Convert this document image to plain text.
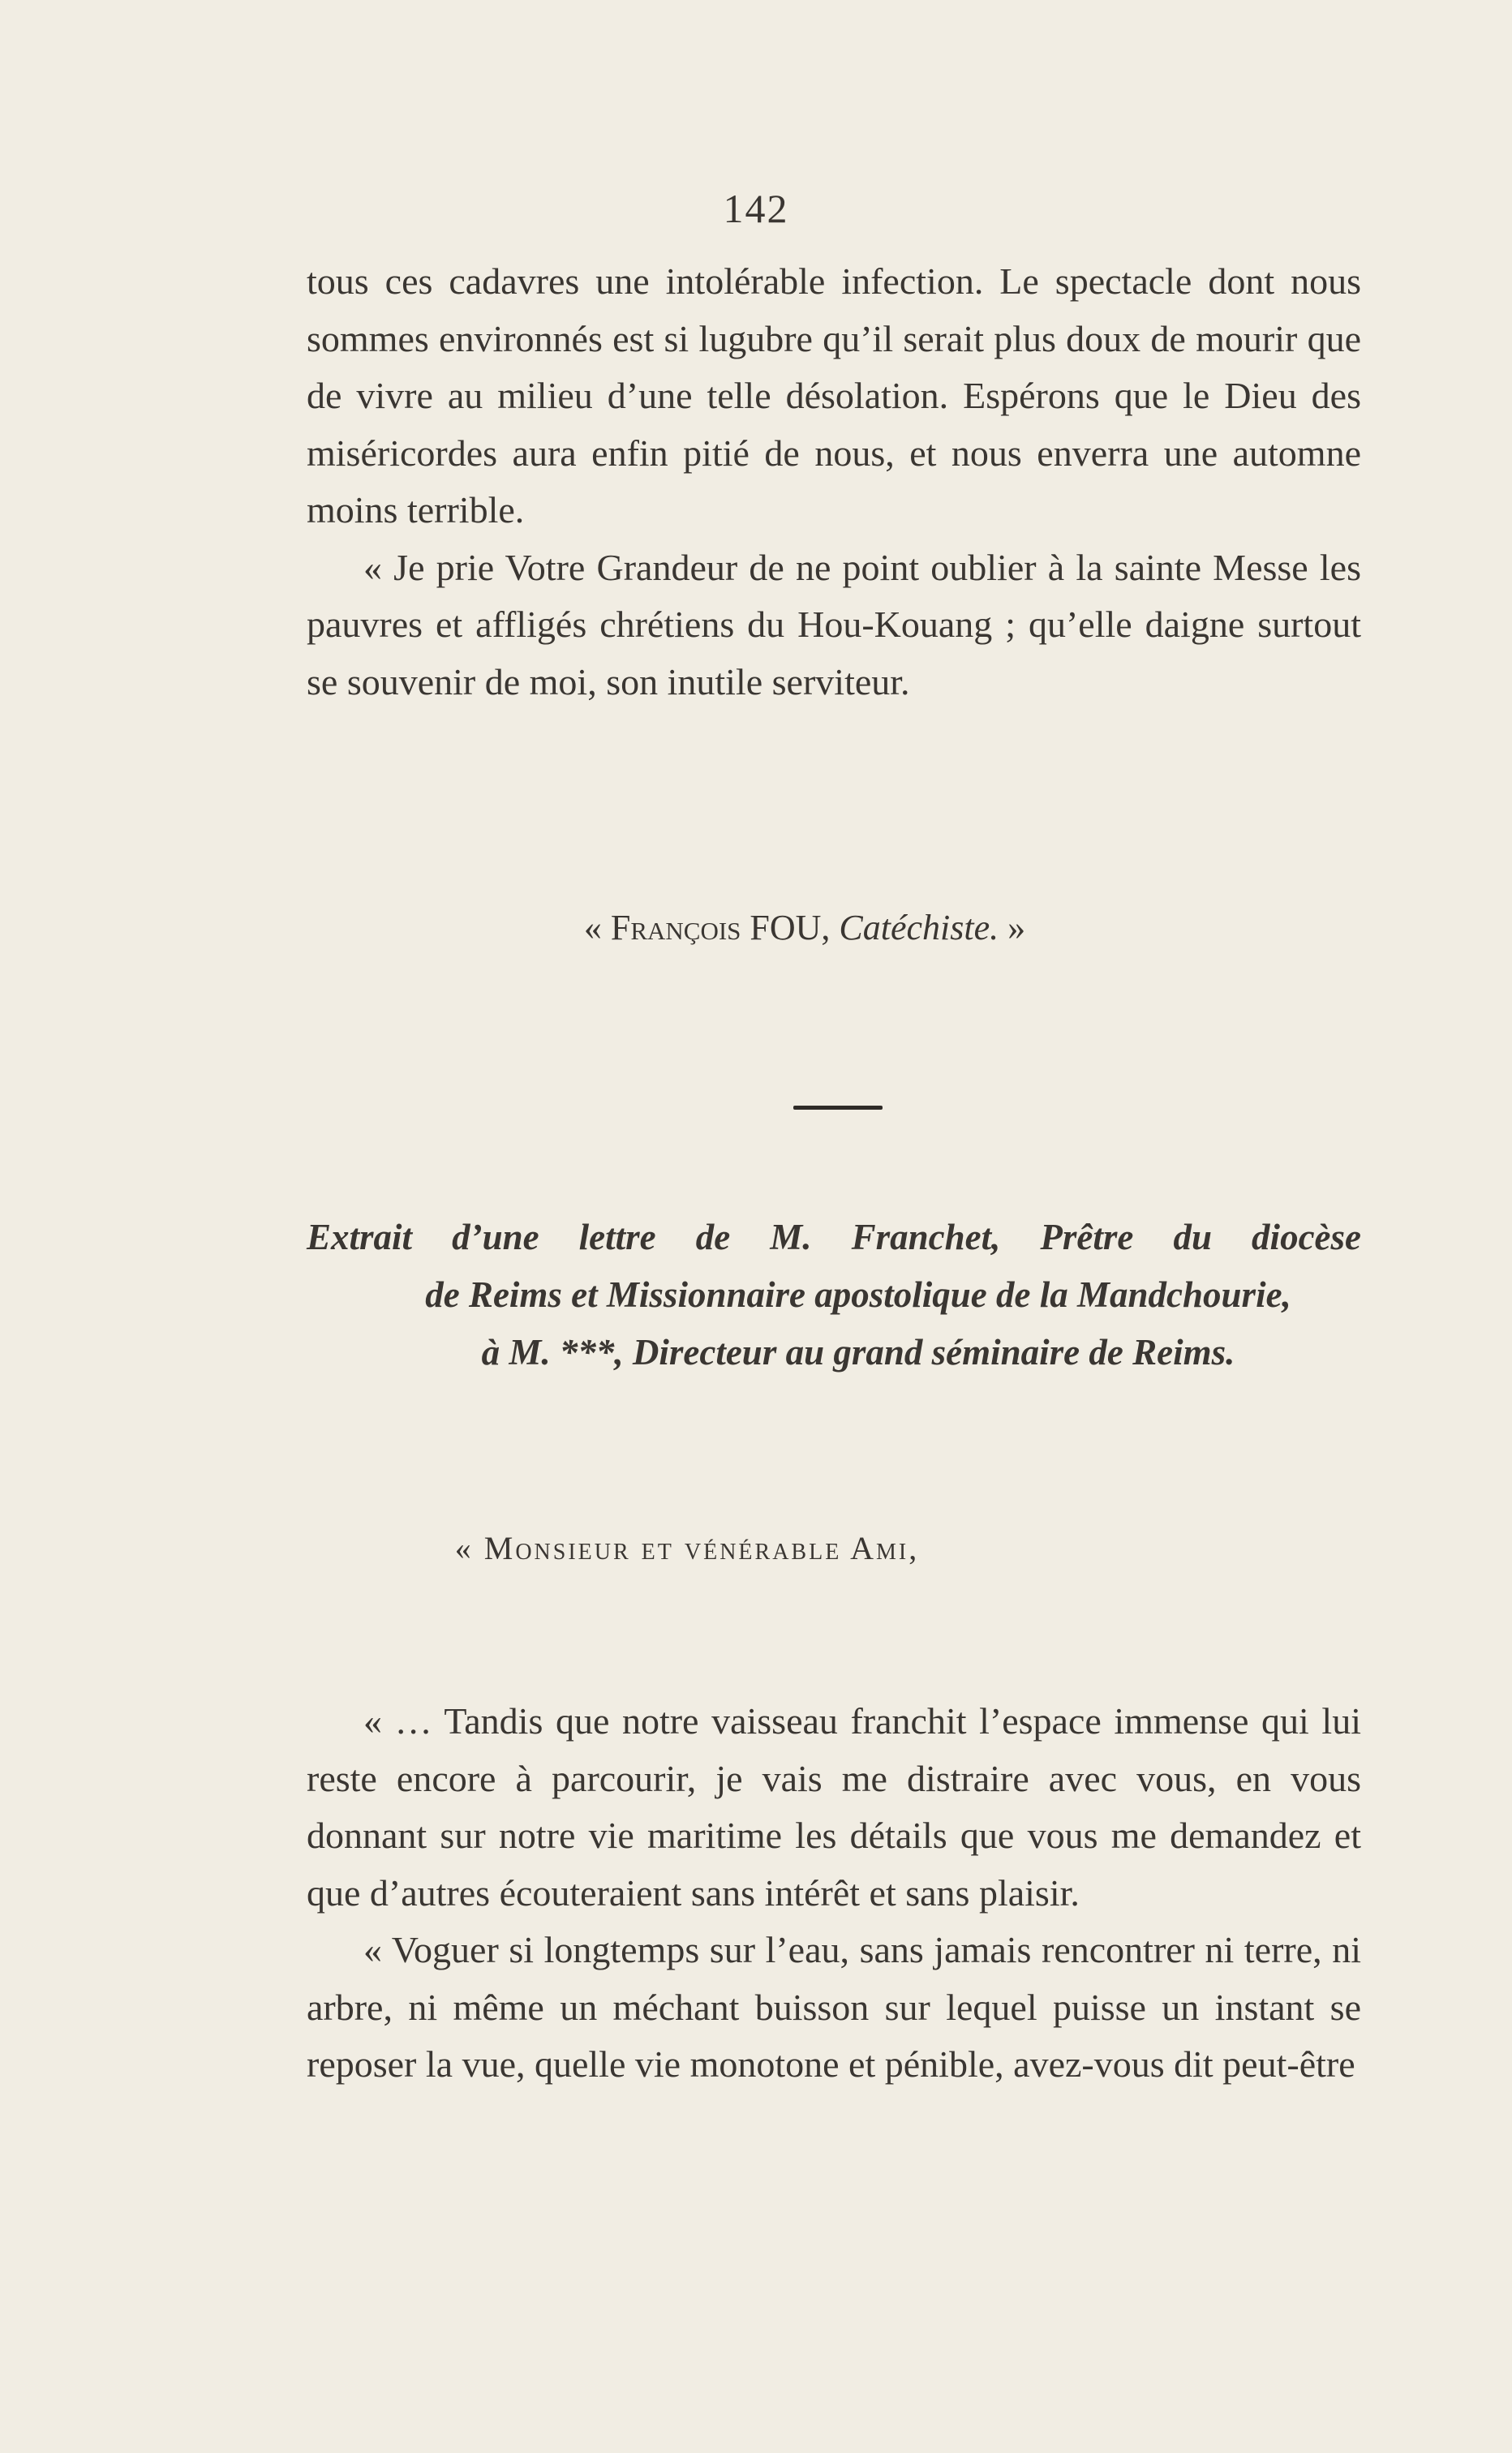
142

tous ces cadavres une intolérable infection. Le spectacle dont nous sommes environnés est si lugubre qu’il serait plus doux de mourir que de vivre au milieu d’une telle désolation. Espérons que le Dieu des miséricordes aura enfin pitié de nous, et nous enverra une automne moins terrible.

« Je prie Votre Grandeur de ne point oublier à la sainte Messe les pauvres et affligés chrétiens du Hou-Kouang ; qu’elle daigne surtout se souvenir de moi, son inutile serviteur.

« François FOU, Catéchiste. »
Extrait d’une lettre de M. Franchet, Prêtre du diocèse
de Reims et Missionnaire apostolique de la Mandchourie,
à M. ***, Directeur au grand séminaire de Reims.
« Monsieur et vénérable Ami,

« … Tandis que notre vaisseau franchit l’espace immense qui lui reste encore à parcourir, je vais me distraire avec vous, en vous donnant sur notre vie maritime les détails que vous me demandez et que d’autres écouteraient sans intérêt et sans plaisir.

« Voguer si longtemps sur l’eau, sans jamais rencontrer ni terre, ni arbre, ni même un méchant buisson sur lequel puisse un instant se reposer la vue, quelle vie monotone et pénible, avez-vous dit peut-être
